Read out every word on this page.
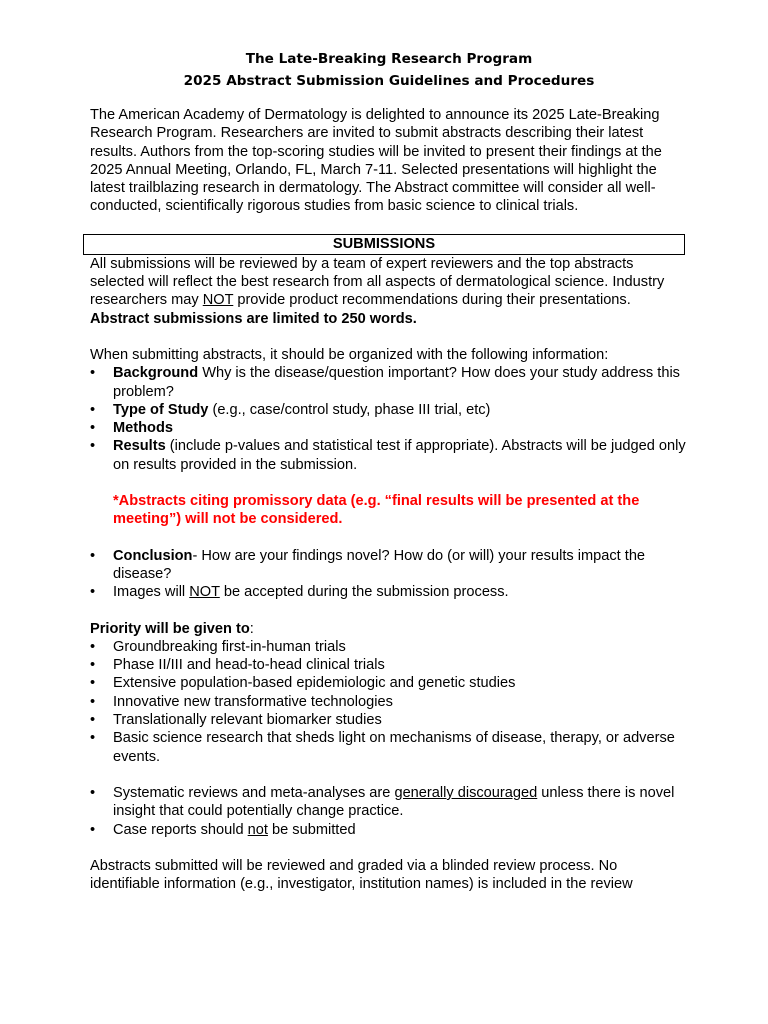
The Late-Breaking Research Program

2025 Abstract Submission Guidelines and Procedures

The American Academy of Dermatology is delighted to announce its 2025 Late-Breaking Research Program. Researchers are invited to submit abstracts describing their latest results. Authors from the top-scoring studies will be invited to present their findings at the 2025 Annual Meeting, Orlando, FL, March 7-11. Selected presentations will highlight the latest trailblazing research in dermatology. The Abstract committee will consider all well-conducted, scientifically rigorous studies from basic science to clinical trials.

SUBMISSIONS

All submissions will be reviewed by a team of expert reviewers and the top abstracts selected will reflect the best research from all aspects of dermatological science. Industry researchers may NOT provide product recommendations during their presentations. Abstract submissions are limited to 250 words.

When submitting abstracts, it should be organized with the following information:

• Background Why is the disease/question important? How does your study address this problem?
• Type of Study (e.g., case/control study, phase III trial, etc)
• Methods
• Results (include p-values and statistical test if appropriate). Abstracts will be judged only on results provided in the submission.

*Abstracts citing promissory data (e.g. “final results will be presented at the meeting”) will not be considered.

• Conclusion- How are your findings novel? How do (or will) your results impact the disease?
• Images will NOT be accepted during the submission process.

Priority will be given to:

• Groundbreaking first-in-human trials
• Phase II/III and head-to-head clinical trials
• Extensive population-based epidemiologic and genetic studies
• Innovative new transformative technologies
• Translationally relevant biomarker studies
• Basic science research that sheds light on mechanisms of disease, therapy, or adverse events.
• Systematic reviews and meta-analyses are generally discouraged unless there is novel insight that could potentially change practice.
• Case reports should not be submitted

Abstracts submitted will be reviewed and graded via a blinded review process. No identifiable information (e.g., investigator, institution names) is included in the review
